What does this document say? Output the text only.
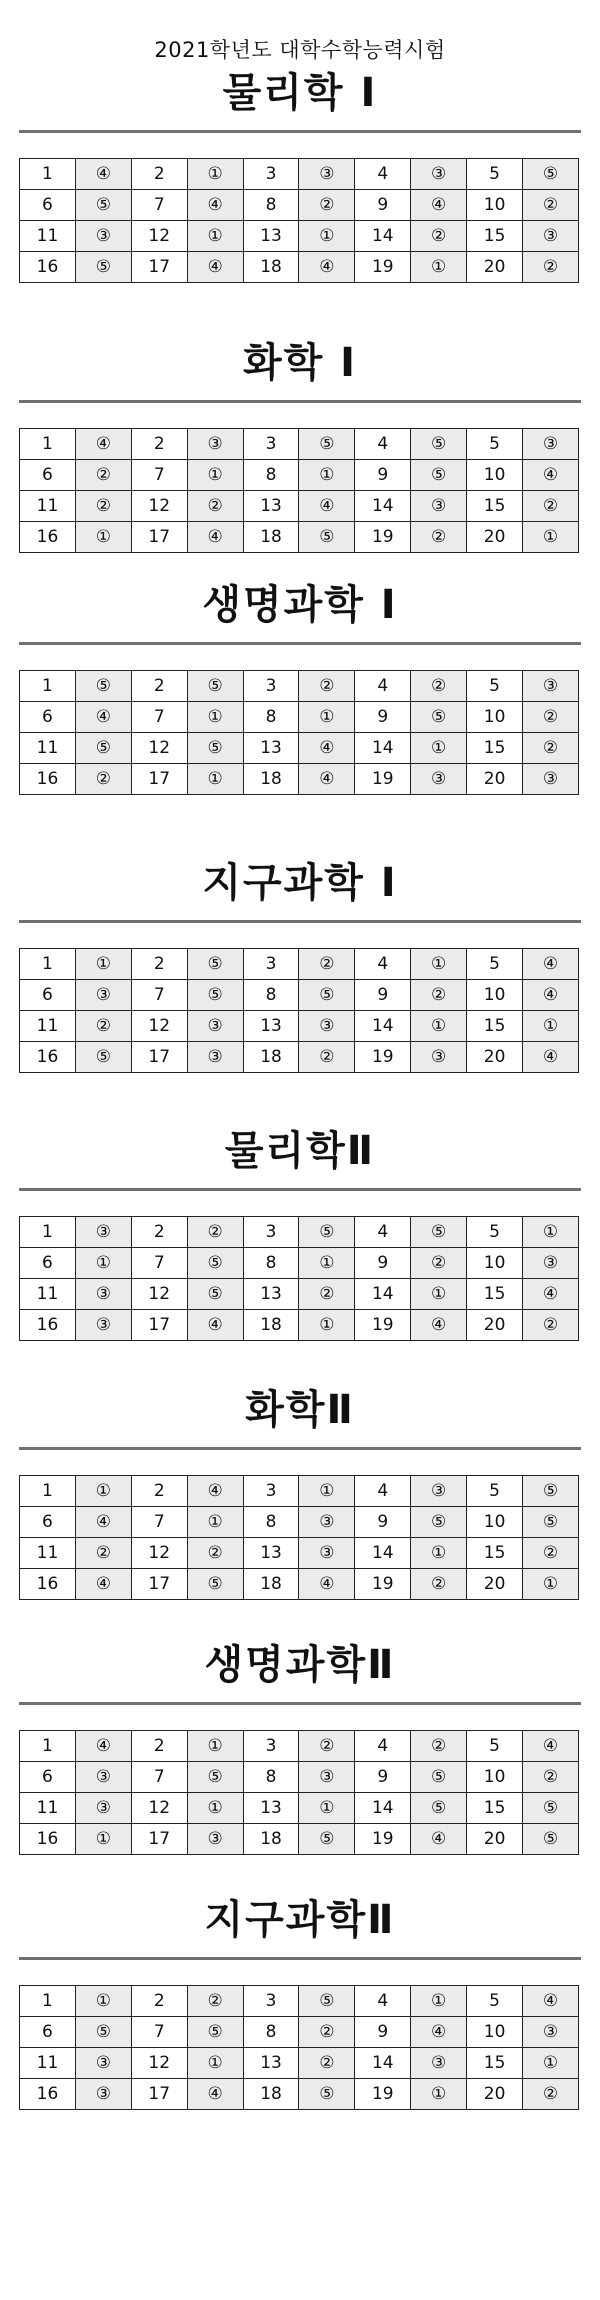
2021학년도 대학수학능력시험
물리학 I
1	④	2	①	3	③	4	③	5	⑤
6	⑤	7	④	8	②	9	④	10	②
11	③	12	①	13	①	14	②	15	③
16	⑤	17	④	18	④	19	①	20	②
화학 I
1	④	2	③	3	⑤	4	⑤	5	③
6	②	7	①	8	①	9	⑤	10	④
11	②	12	②	13	④	14	③	15	②
16	①	17	④	18	⑤	19	②	20	①
생명과학 I
1	⑤	2	⑤	3	②	4	②	5	③
6	④	7	①	8	①	9	⑤	10	②
11	⑤	12	⑤	13	④	14	①	15	②
16	②	17	①	18	④	19	③	20	③
지구과학 I
1	①	2	⑤	3	②	4	①	5	④
6	③	7	⑤	8	⑤	9	②	10	④
11	②	12	③	13	③	14	①	15	①
16	⑤	17	③	18	②	19	③	20	④
물리학Ⅱ
1	③	2	②	3	⑤	4	⑤	5	①
6	①	7	⑤	8	①	9	②	10	③
11	③	12	⑤	13	②	14	①	15	④
16	③	17	④	18	①	19	④	20	②
화학Ⅱ
1	①	2	④	3	①	4	③	5	⑤
6	④	7	①	8	③	9	⑤	10	⑤
11	②	12	②	13	③	14	①	15	②
16	④	17	⑤	18	④	19	②	20	①
생명과학Ⅱ
1	④	2	①	3	②	4	②	5	④
6	③	7	⑤	8	③	9	⑤	10	②
11	③	12	①	13	①	14	⑤	15	⑤
16	①	17	③	18	⑤	19	④	20	⑤
지구과학Ⅱ
1	①	2	②	3	⑤	4	①	5	④
6	⑤	7	⑤	8	②	9	④	10	③
11	③	12	①	13	②	14	③	15	①
16	③	17	④	18	⑤	19	①	20	②
